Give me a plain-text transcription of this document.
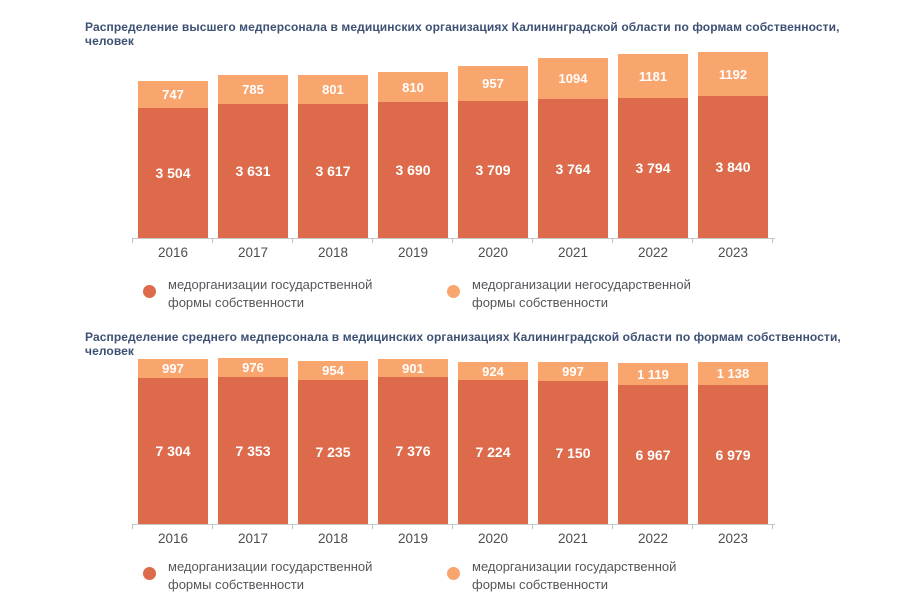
Распределение высшего медперсонала в медицинских организациях Калининградской области по формам собственности, человек
747
3 504
785
3 631
801
3 617
810
3 690
957
3 709
1094
3 764
1181
3 794
1192
3 840
2016	2017	2018	2019	2020	2021	2022	2023
медорганизации государственной формы собственности
медорганизации негосударственной формы собственности
Распределение среднего медперсонала в медицинских организациях Калининградской области по формам собственности, человек
997
7 304
976
7 353
954
7 235
901
7 376
924
7 224
997
7 150
1 119
6 967
1 138
6 979
2016	2017	2018	2019	2020	2021	2022	2023
медорганизации государственной формы собственности
медорганизации государственной формы собственности
